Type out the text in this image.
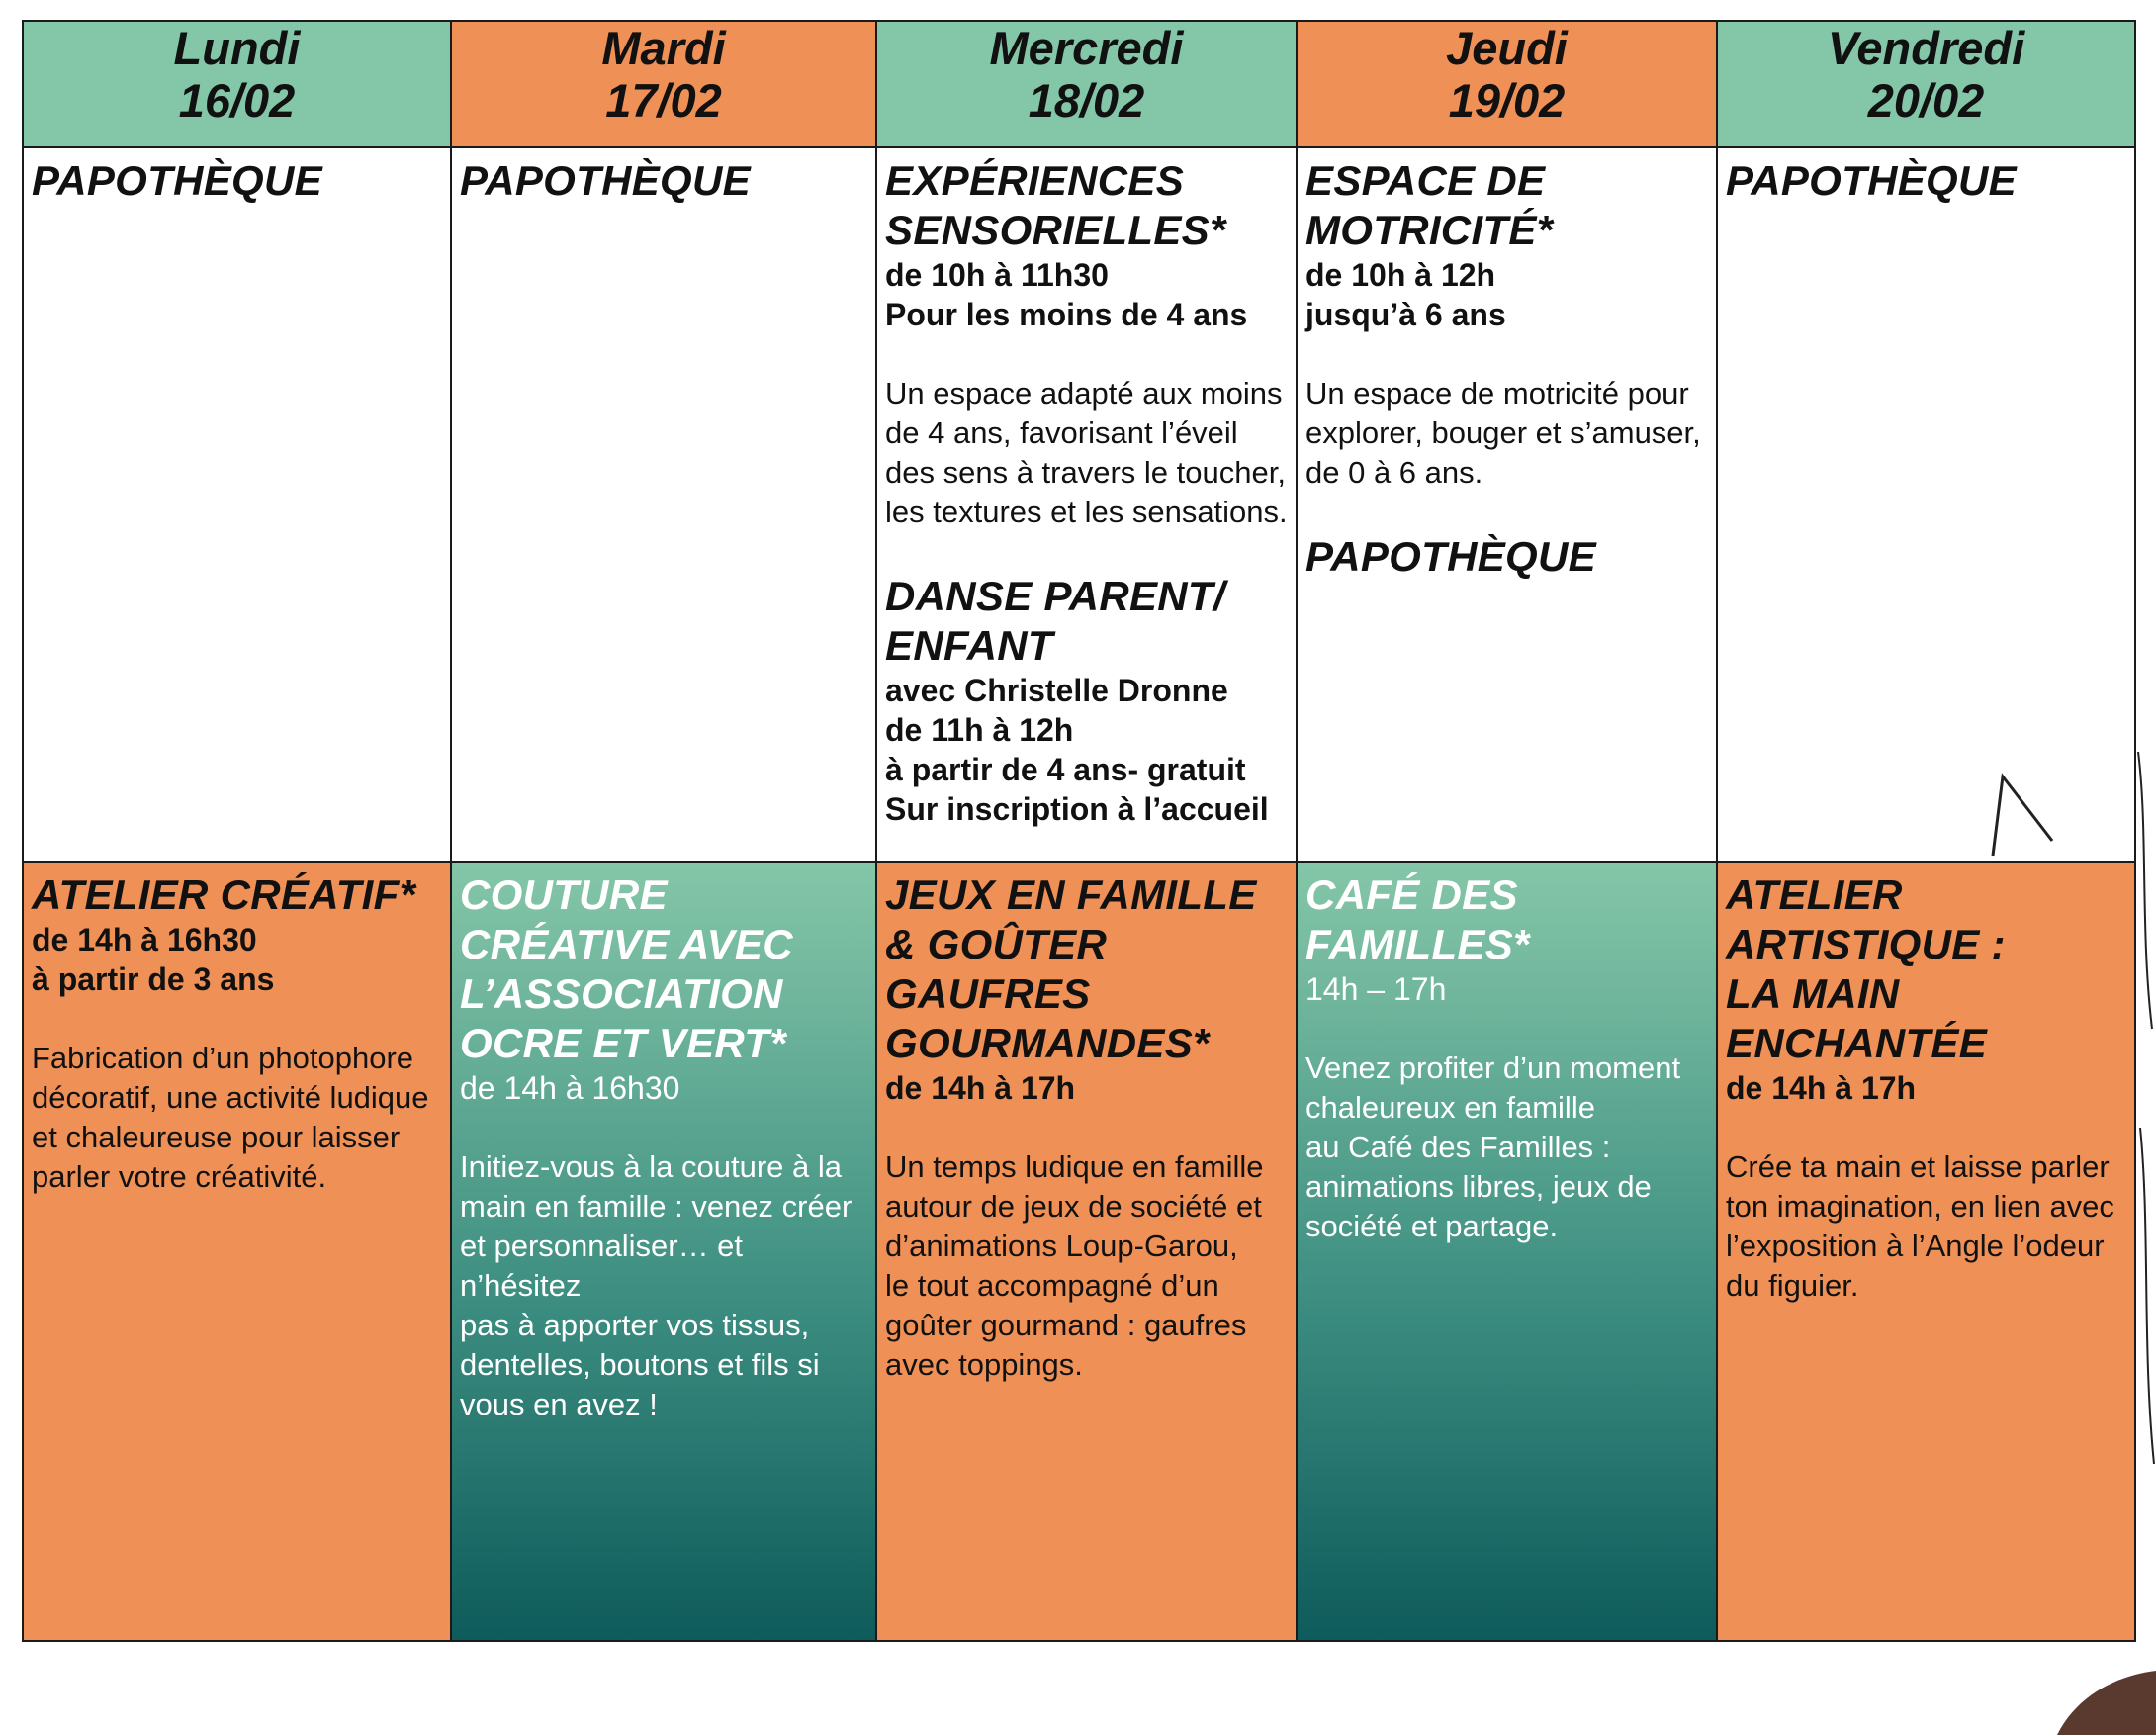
Lundi
16/02
Mardi
17/02
Mercredi
18/02
Jeudi
19/02
Vendredi
20/02

PAPOTHÈQUE	PAPOTHÈQUE	EXPÉRIENCES

SENSORIELLES*

de 10h à 11h30

Pour les moins de 4 ans

Un espace adapté aux moins

de 4 ans, favorisant l’éveil

des sens à travers le toucher,

les textures et les sensations.

DANSE PARENT/

ENFANT

avec Christelle Dronne

de 11h à 12h

à partir de 4 ans- gratuit

Sur inscription à l’accueil

ESPACE DE

MOTRICITÉ*

de 10h à 12h

jusqu’à 6 ans

Un espace de motricité pour

explorer, bouger et s’amuser,

de 0 à 6 ans.

PAPOTHÈQUE

PAPOTHÈQUE

ATELIER CRÉATIF*

de 14h à 16h30

à partir de 3 ans

Fabrication d’un photophore

décoratif, une activité ludique

et chaleureuse pour laisser

parler votre créativité.

COUTURE

CRÉATIVE AVEC

L’ASSOCIATION

OCRE ET VERT*

de 14h à 16h30

Initiez-vous à la couture à la

main en famille : venez créer

et personnaliser… et n’hésitez

pas à apporter vos tissus,

dentelles, boutons et fils si

vous en avez !

JEUX EN FAMILLE

& GOÛTER

GAUFRES

GOURMANDES*

de 14h à 17h

Un temps ludique en famille

autour de jeux de société et

d’animations Loup-Garou,

le tout accompagné d’un

goûter gourmand : gaufres

avec toppings.

CAFÉ DES

FAMILLES*

14h – 17h

Venez profiter d’un moment

chaleureux en famille

au Café des Familles :

animations libres, jeux de

société et partage.

ATELIER

ARTISTIQUE :

LA MAIN

ENCHANTÉE

de 14h à 17h

Crée ta main et laisse parler

ton imagination, en lien avec

l’exposition à l’Angle l’odeur

du figuier.
